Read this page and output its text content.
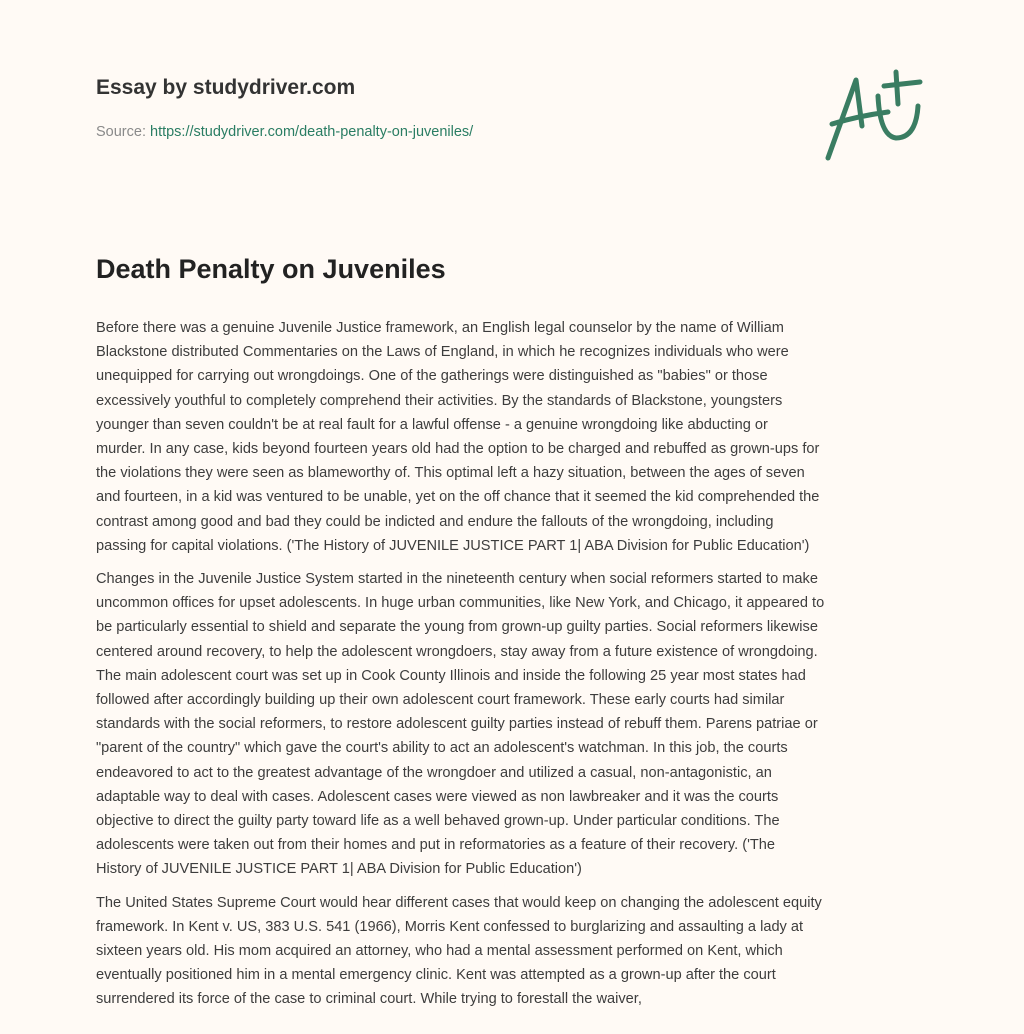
Essay by studydriver.com
Source: https://studydriver.com/death-penalty-on-juveniles/
Death Penalty on Juveniles

Before there was a genuine Juvenile Justice framework, an English legal counselor by the name of William
Blackstone distributed Commentaries on the Laws of England, in which he recognizes individuals who were
unequipped for carrying out wrongdoings. One of the gatherings were distinguished as "babies" or those
excessively youthful to completely comprehend their activities. By the standards of Blackstone, youngsters
younger than seven couldn't be at real fault for a lawful offense - a genuine wrongdoing like abducting or
murder. In any case, kids beyond fourteen years old had the option to be charged and rebuffed as grown-ups for
the violations they were seen as blameworthy of. This optimal left a hazy situation, between the ages of seven
and fourteen, in a kid was ventured to be unable, yet on the off chance that it seemed the kid comprehended the
contrast among good and bad they could be indicted and endure the fallouts of the wrongdoing, including
passing for capital violations. ('The History of JUVENILE JUSTICE PART 1| ABA Division for Public Education')

Changes in the Juvenile Justice System started in the nineteenth century when social reformers started to make
uncommon offices for upset adolescents. In huge urban communities, like New York, and Chicago, it appeared to
be particularly essential to shield and separate the young from grown-up guilty parties. Social reformers likewise
centered around recovery, to help the adolescent wrongdoers, stay away from a future existence of wrongdoing.
The main adolescent court was set up in Cook County Illinois and inside the following 25 year most states had
followed after accordingly building up their own adolescent court framework. These early courts had similar
standards with the social reformers, to restore adolescent guilty parties instead of rebuff them. Parens patriae or
"parent of the country" which gave the court's ability to act an adolescent's watchman. In this job, the courts
endeavored to act to the greatest advantage of the wrongdoer and utilized a casual, non-antagonistic, an
adaptable way to deal with cases. Adolescent cases were viewed as non lawbreaker and it was the courts
objective to direct the guilty party toward life as a well behaved grown-up. Under particular conditions. The
adolescents were taken out from their homes and put in reformatories as a feature of their recovery. ('The
History of JUVENILE JUSTICE PART 1| ABA Division for Public Education')

The United States Supreme Court would hear different cases that would keep on changing the adolescent equity
framework. In Kent v. US, 383 U.S. 541 (1966), Morris Kent confessed to burglarizing and assaulting a lady at
sixteen years old. His mom acquired an attorney, who had a mental assessment performed on Kent, which
eventually positioned him in a mental emergency clinic. Kent was attempted as a grown-up after the court
surrendered its force of the case to criminal court. While trying to forestall the waiver,
